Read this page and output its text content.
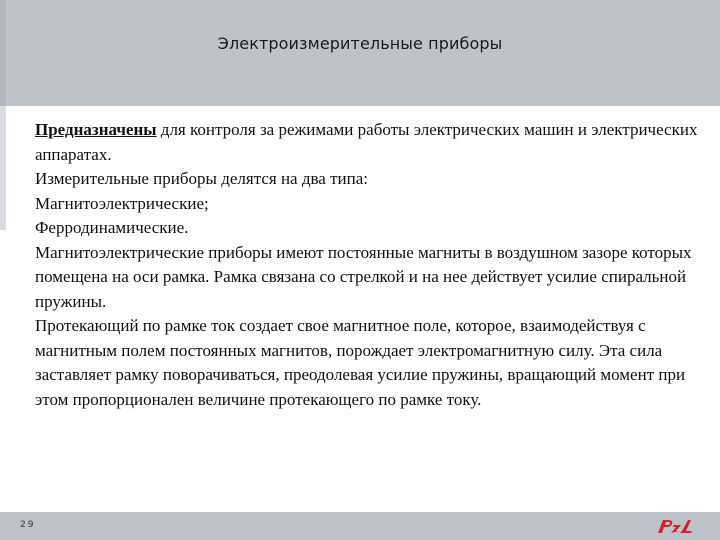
Электроизмерительные приборы

Предназначены для контроля за режимами работы электрических машин и электрических аппаратах.

Измерительные приборы делятся на два типа:

Магнитоэлектрические;

Ферродинамические.

Магнитоэлектрические приборы имеют постоянные магниты в воздушном зазоре которых помещена на оси рамка. Рамка связана со стрелкой и на нее действует усилие спиральной пружины.

Протекающий по рамке ток создает свое магнитное поле, которое, взаимодействуя с магнитным полем постоянных магнитов, порождает электромагнитную силу. Эта сила заставляет рамку поворачиваться, преодолевая усилие пружины, вращающий момент при этом пропорционален величине протекающего по рамке току.

29
